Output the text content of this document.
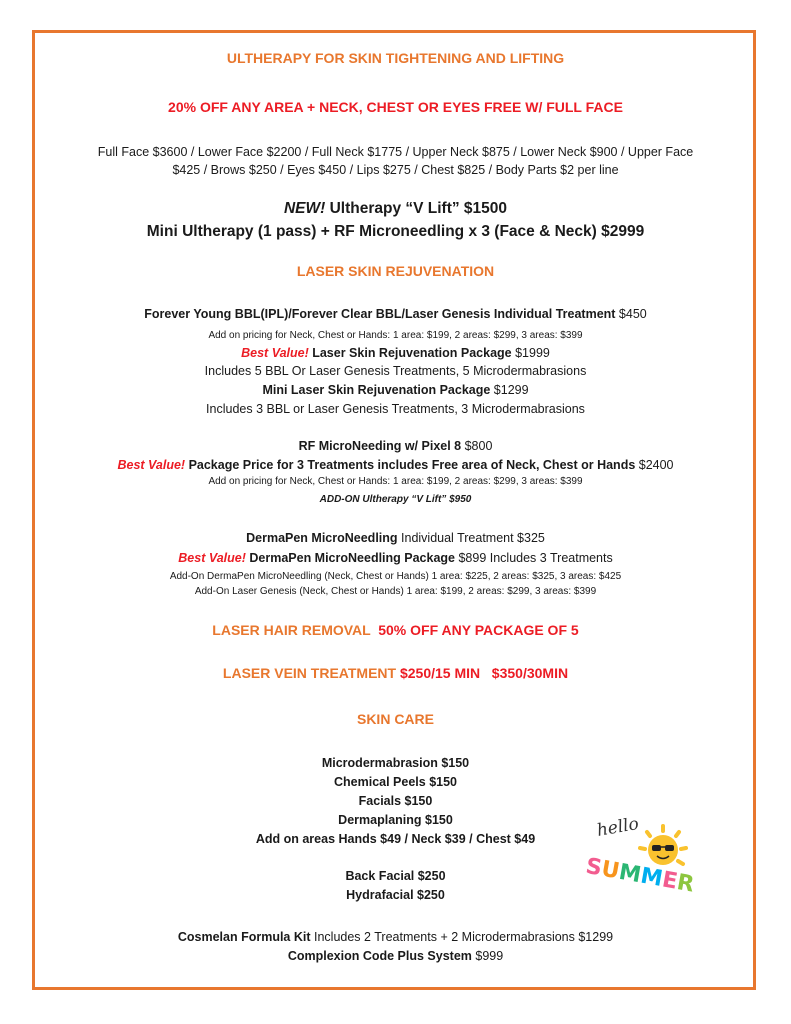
ULTHERAPY FOR SKIN TIGHTENING AND LIFTING
20% OFF ANY AREA + NECK, CHEST OR EYES FREE W/ FULL FACE
Full Face $3600 / Lower Face $2200 / Full Neck $1775 / Upper Neck $875 / Lower Neck $900 / Upper Face
$425 / Brows $250 / Eyes $450 / Lips $275 / Chest $825 / Body Parts $2 per line
NEW! Ultherapy “V Lift” $1500
Mini Ultherapy (1 pass) + RF Microneedling x 3 (Face & Neck) $2999
LASER SKIN REJUVENATION
Forever Young BBL(IPL)/Forever Clear BBL/Laser Genesis Individual Treatment $450
Add on pricing for Neck, Chest or Hands: 1 area: $199, 2 areas: $299, 3 areas: $399
Best Value! Laser Skin Rejuvenation Package $1999
Includes 5 BBL Or Laser Genesis Treatments, 5 Microdermabrasions
Mini Laser Skin Rejuvenation Package $1299
Includes 3 BBL or Laser Genesis Treatments, 3 Microdermabrasions
RF MicroNeeding w/ Pixel 8 $800
Best Value! Package Price for 3 Treatments includes Free area of Neck, Chest or Hands $2400
Add on pricing for Neck, Chest or Hands: 1 area: $199, 2 areas: $299, 3 areas: $399
ADD-ON Ultherapy “V Lift” $950
DermaPen MicroNeedling Individual Treatment $325
Best Value! DermaPen MicroNeedling Package $899 Includes 3 Treatments
Add-On DermaPen MicroNeedling (Neck, Chest or Hands) 1 area: $225, 2 areas: $325, 3 areas: $425
Add-On Laser Genesis (Neck, Chest or Hands) 1 area: $199, 2 areas: $299, 3 areas: $399
LASER HAIR REMOVAL  50% OFF ANY PACKAGE OF 5
LASER VEIN TREATMENT $250/15 MIN   $350/30MIN
SKIN CARE
Microdermabrasion $150
Chemical Peels $150
Facials $150
Dermaplaning $150
Add on areas Hands $49 / Neck $39 / Chest $49
Back Facial $250
Hydrafacial $250
Cosmelan Formula Kit Includes 2 Treatments + 2 Microdermabrasions $1299
Complexion Code Plus System $999
hello
SUMMER
